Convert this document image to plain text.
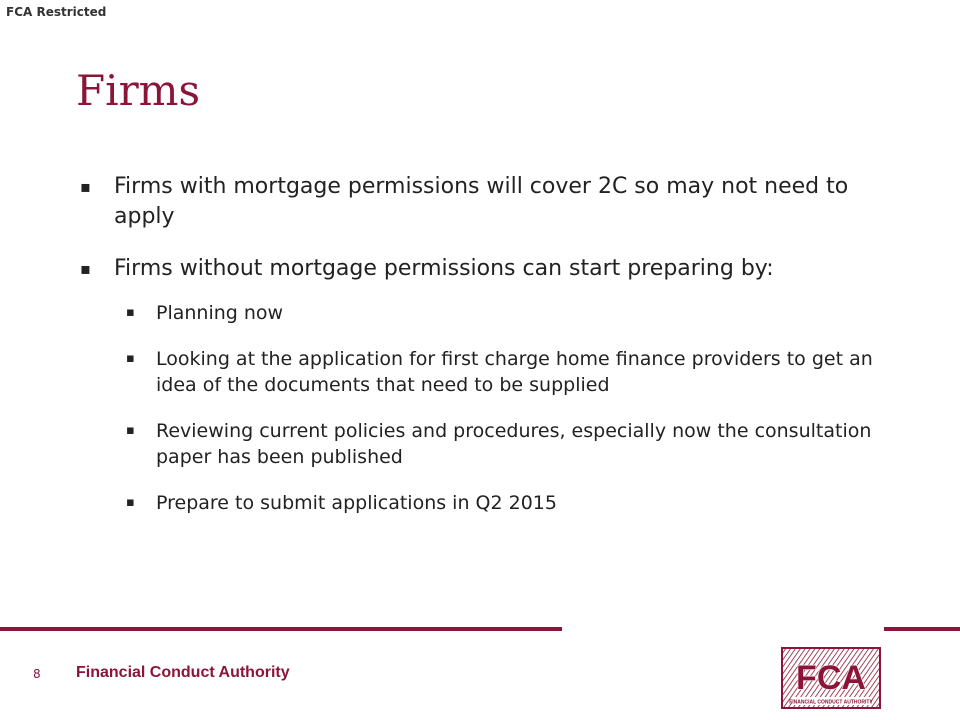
FCA Restricted
Firms
▪ Firms with mortgage permissions will cover 2C so may not need to apply
▪ Firms without mortgage permissions can start preparing by:
▪ Planning now
▪ Looking at the application for first charge home finance providers to get an idea of the documents that need to be supplied
▪ Reviewing current policies and procedures, especially now the consultation paper has been published
▪ Prepare to submit applications in Q2 2015
8 Financial Conduct Authority	FCA
FINANCIAL CONDUCT AUTHORITY
